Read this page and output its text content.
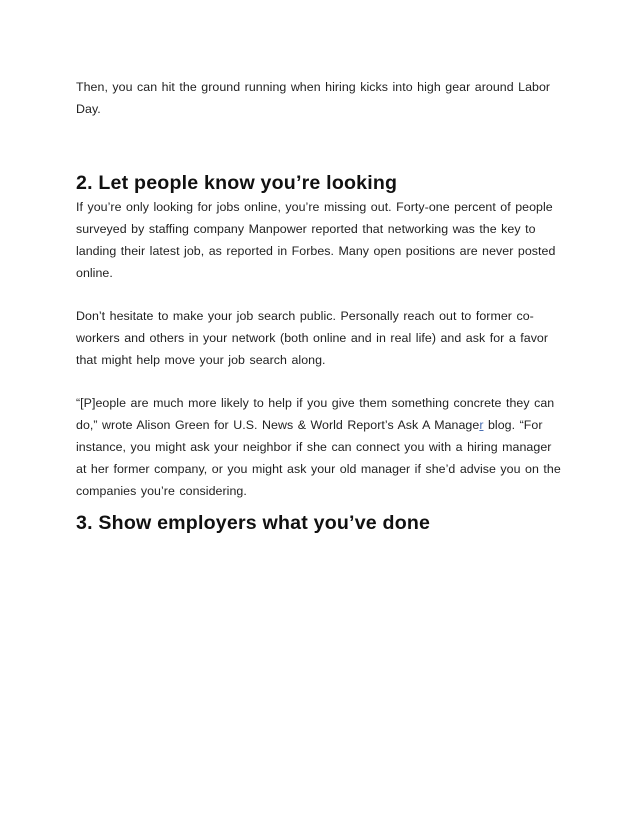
Then, you can hit the ground running when hiring kicks into high gear around Labor Day.

2. Let people know you’re looking

If you’re only looking for jobs online, you’re missing out. Forty-one percent of people surveyed by staffing company Manpower reported that networking was the key to landing their latest job, as reported in Forbes. Many open positions are never posted online.

Don’t hesitate to make your job search public. Personally reach out to former co-workers and others in your network (both online and in real life) and ask for a favor that might help move your job search along.

“[P]eople are much more likely to help if you give them something concrete they can do,” wrote Alison Green for U.S. News & World Report’s Ask A Manager blog. “For instance, you might ask your neighbor if she can connect you with a hiring manager at her former company, or you might ask your old manager if she’d advise you on the companies you’re considering.

3. Show employers what you’ve done
